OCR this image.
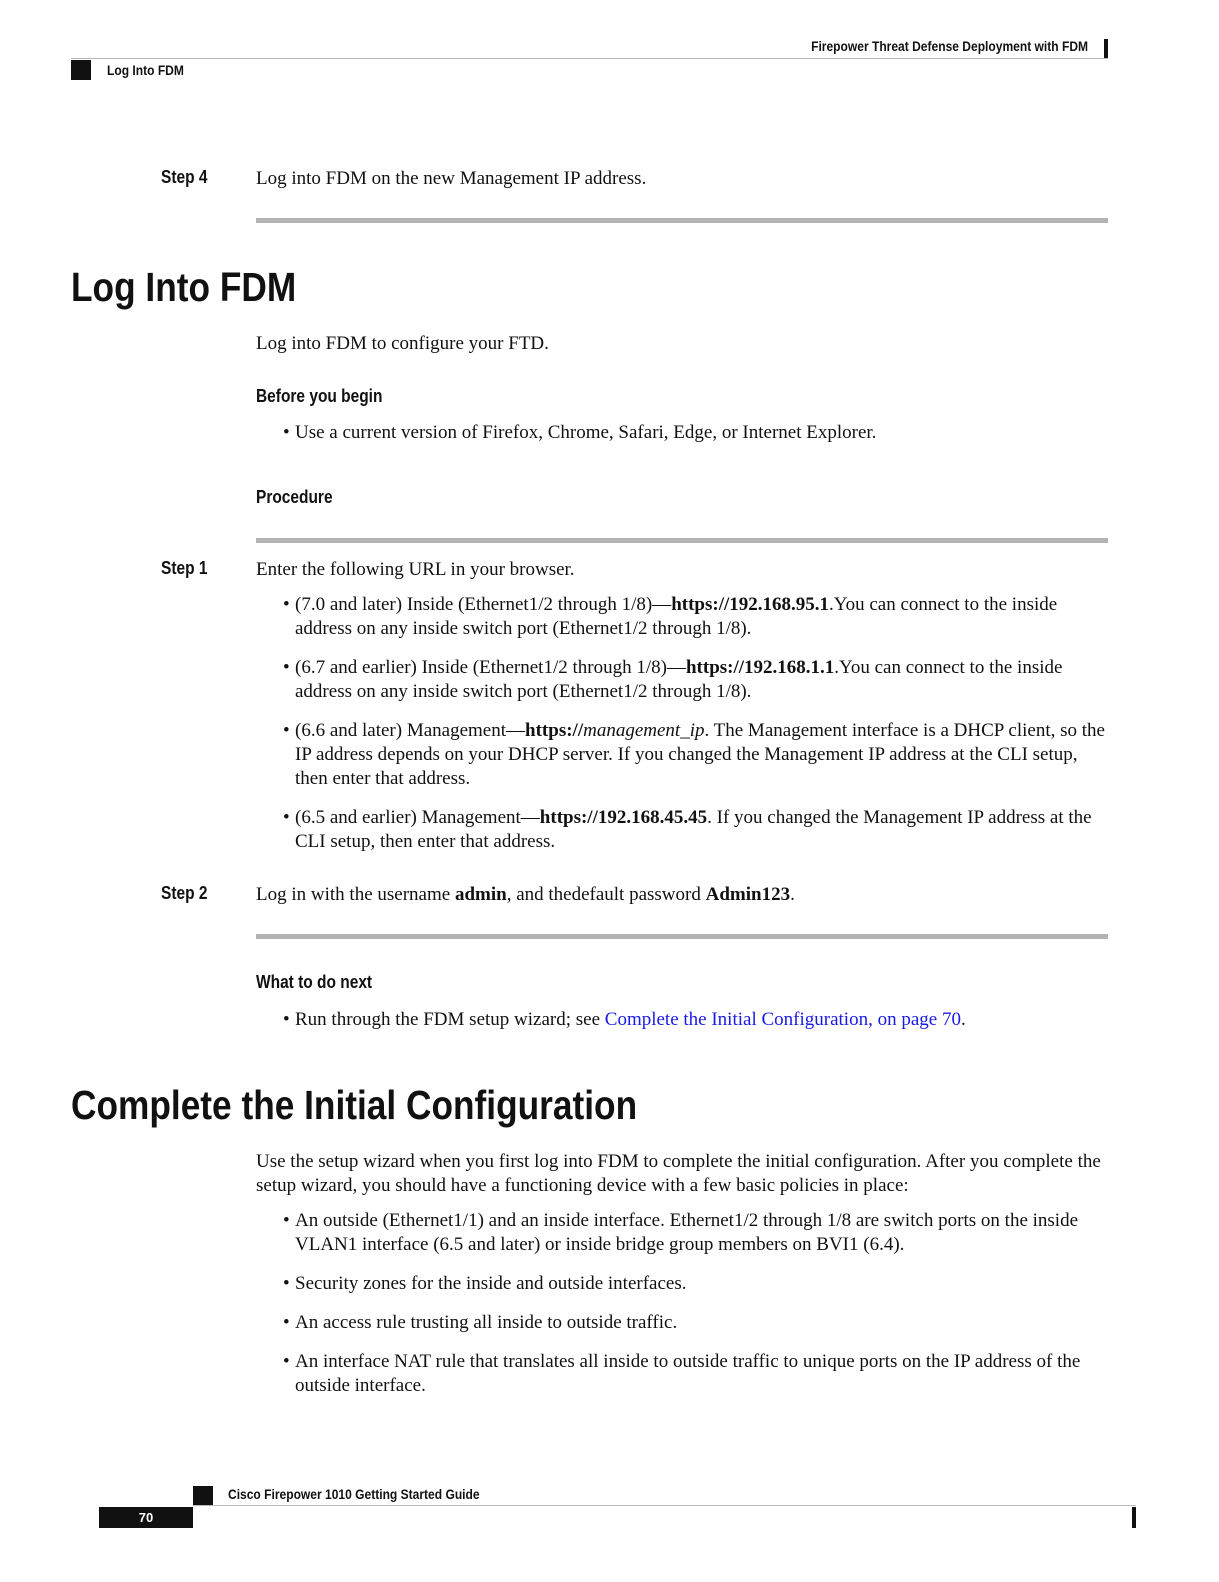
Firepower Threat Defense Deployment with FDM
Log Into FDM
Step 4	Log into FDM on the new Management IP address.
Log Into FDM
Log into FDM to configure your FTD.
Before you begin
• Use a current version of Firefox, Chrome, Safari, Edge, or Internet Explorer.
Procedure
Step 1	Enter the following URL in your browser.
• (7.0 and later) Inside (Ethernet1/2 through 1/8)—https://192.168.95.1.You can connect to the inside address on any inside switch port (Ethernet1/2 through 1/8).
• (6.7 and earlier) Inside (Ethernet1/2 through 1/8)—https://192.168.1.1.You can connect to the inside address on any inside switch port (Ethernet1/2 through 1/8).
• (6.6 and later) Management—https://management_ip. The Management interface is a DHCP client, so the IP address depends on your DHCP server. If you changed the Management IP address at the CLI setup, then enter that address.
• (6.5 and earlier) Management—https://192.168.45.45. If you changed the Management IP address at the CLI setup, then enter that address.
Step 2	Log in with the username admin, and thedefault password Admin123.
What to do next
• Run through the FDM setup wizard; see Complete the Initial Configuration, on page 70.
Complete the Initial Configuration
Use the setup wizard when you first log into FDM to complete the initial configuration. After you complete the setup wizard, you should have a functioning device with a few basic policies in place:
• An outside (Ethernet1/1) and an inside interface. Ethernet1/2 through 1/8 are switch ports on the inside VLAN1 interface (6.5 and later) or inside bridge group members on BVI1 (6.4).
• Security zones for the inside and outside interfaces.
• An access rule trusting all inside to outside traffic.
• An interface NAT rule that translates all inside to outside traffic to unique ports on the IP address of the outside interface.
Cisco Firepower 1010 Getting Started Guide
70
